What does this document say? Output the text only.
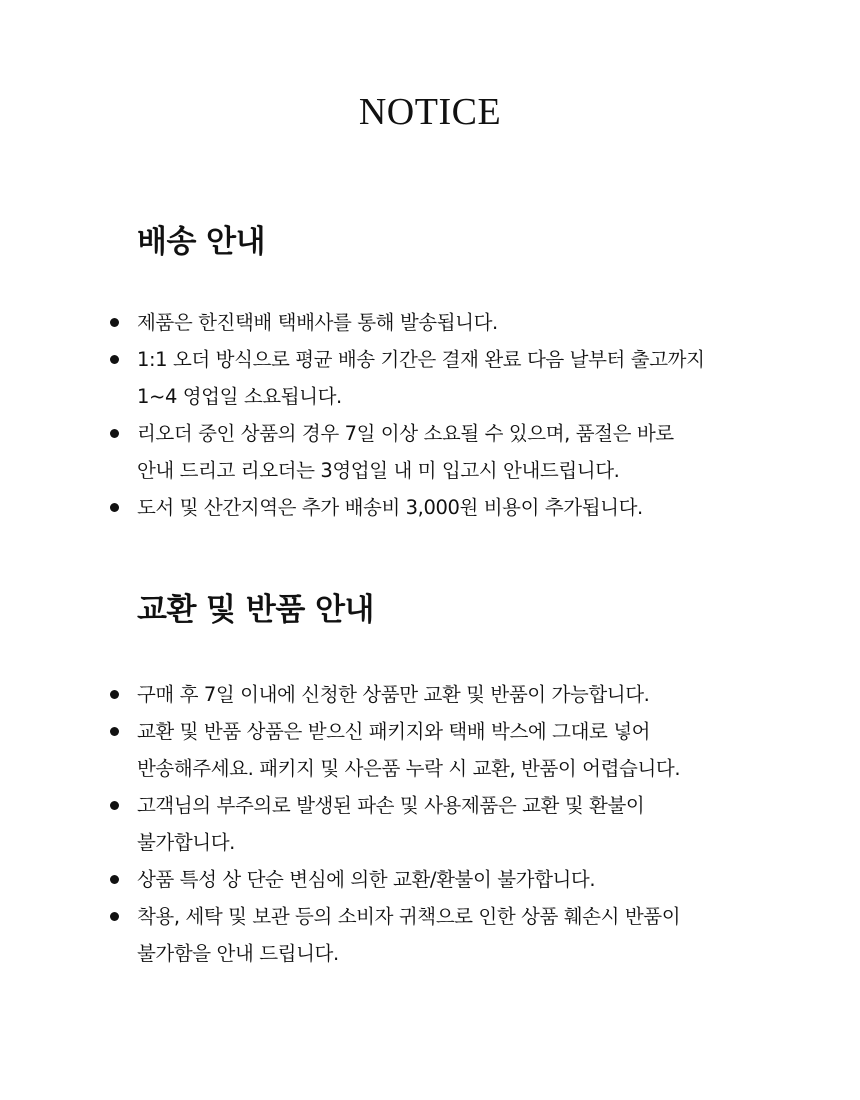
NOTICE
배송 안내
제품은 한진택배 택배사를 통해 발송됩니다.
1:1 오더 방식으로 평균 배송 기간은 결재 완료 다음 날부터 출고까지
1~4 영업일 소요됩니다.
리오더 중인 상품의 경우 7일 이상 소요될 수 있으며, 품절은 바로
안내 드리고 리오더는 3영업일 내 미 입고시 안내드립니다.
도서 및 산간지역은 추가 배송비 3,000원 비용이 추가됩니다.
교환 및 반품 안내
구매 후 7일 이내에 신청한 상품만 교환 및 반품이 가능합니다.
교환 및 반품 상품은 받으신 패키지와 택배 박스에 그대로 넣어
반송해주세요. 패키지 및 사은품 누락 시 교환, 반품이 어렵습니다.
고객님의 부주의로 발생된 파손 및 사용제품은 교환 및 환불이
불가합니다.
상품 특성 상 단순 변심에 의한 교환/환불이 불가합니다.
착용, 세탁 및 보관 등의 소비자 귀책으로 인한 상품 훼손시 반품이
불가함을 안내 드립니다.
